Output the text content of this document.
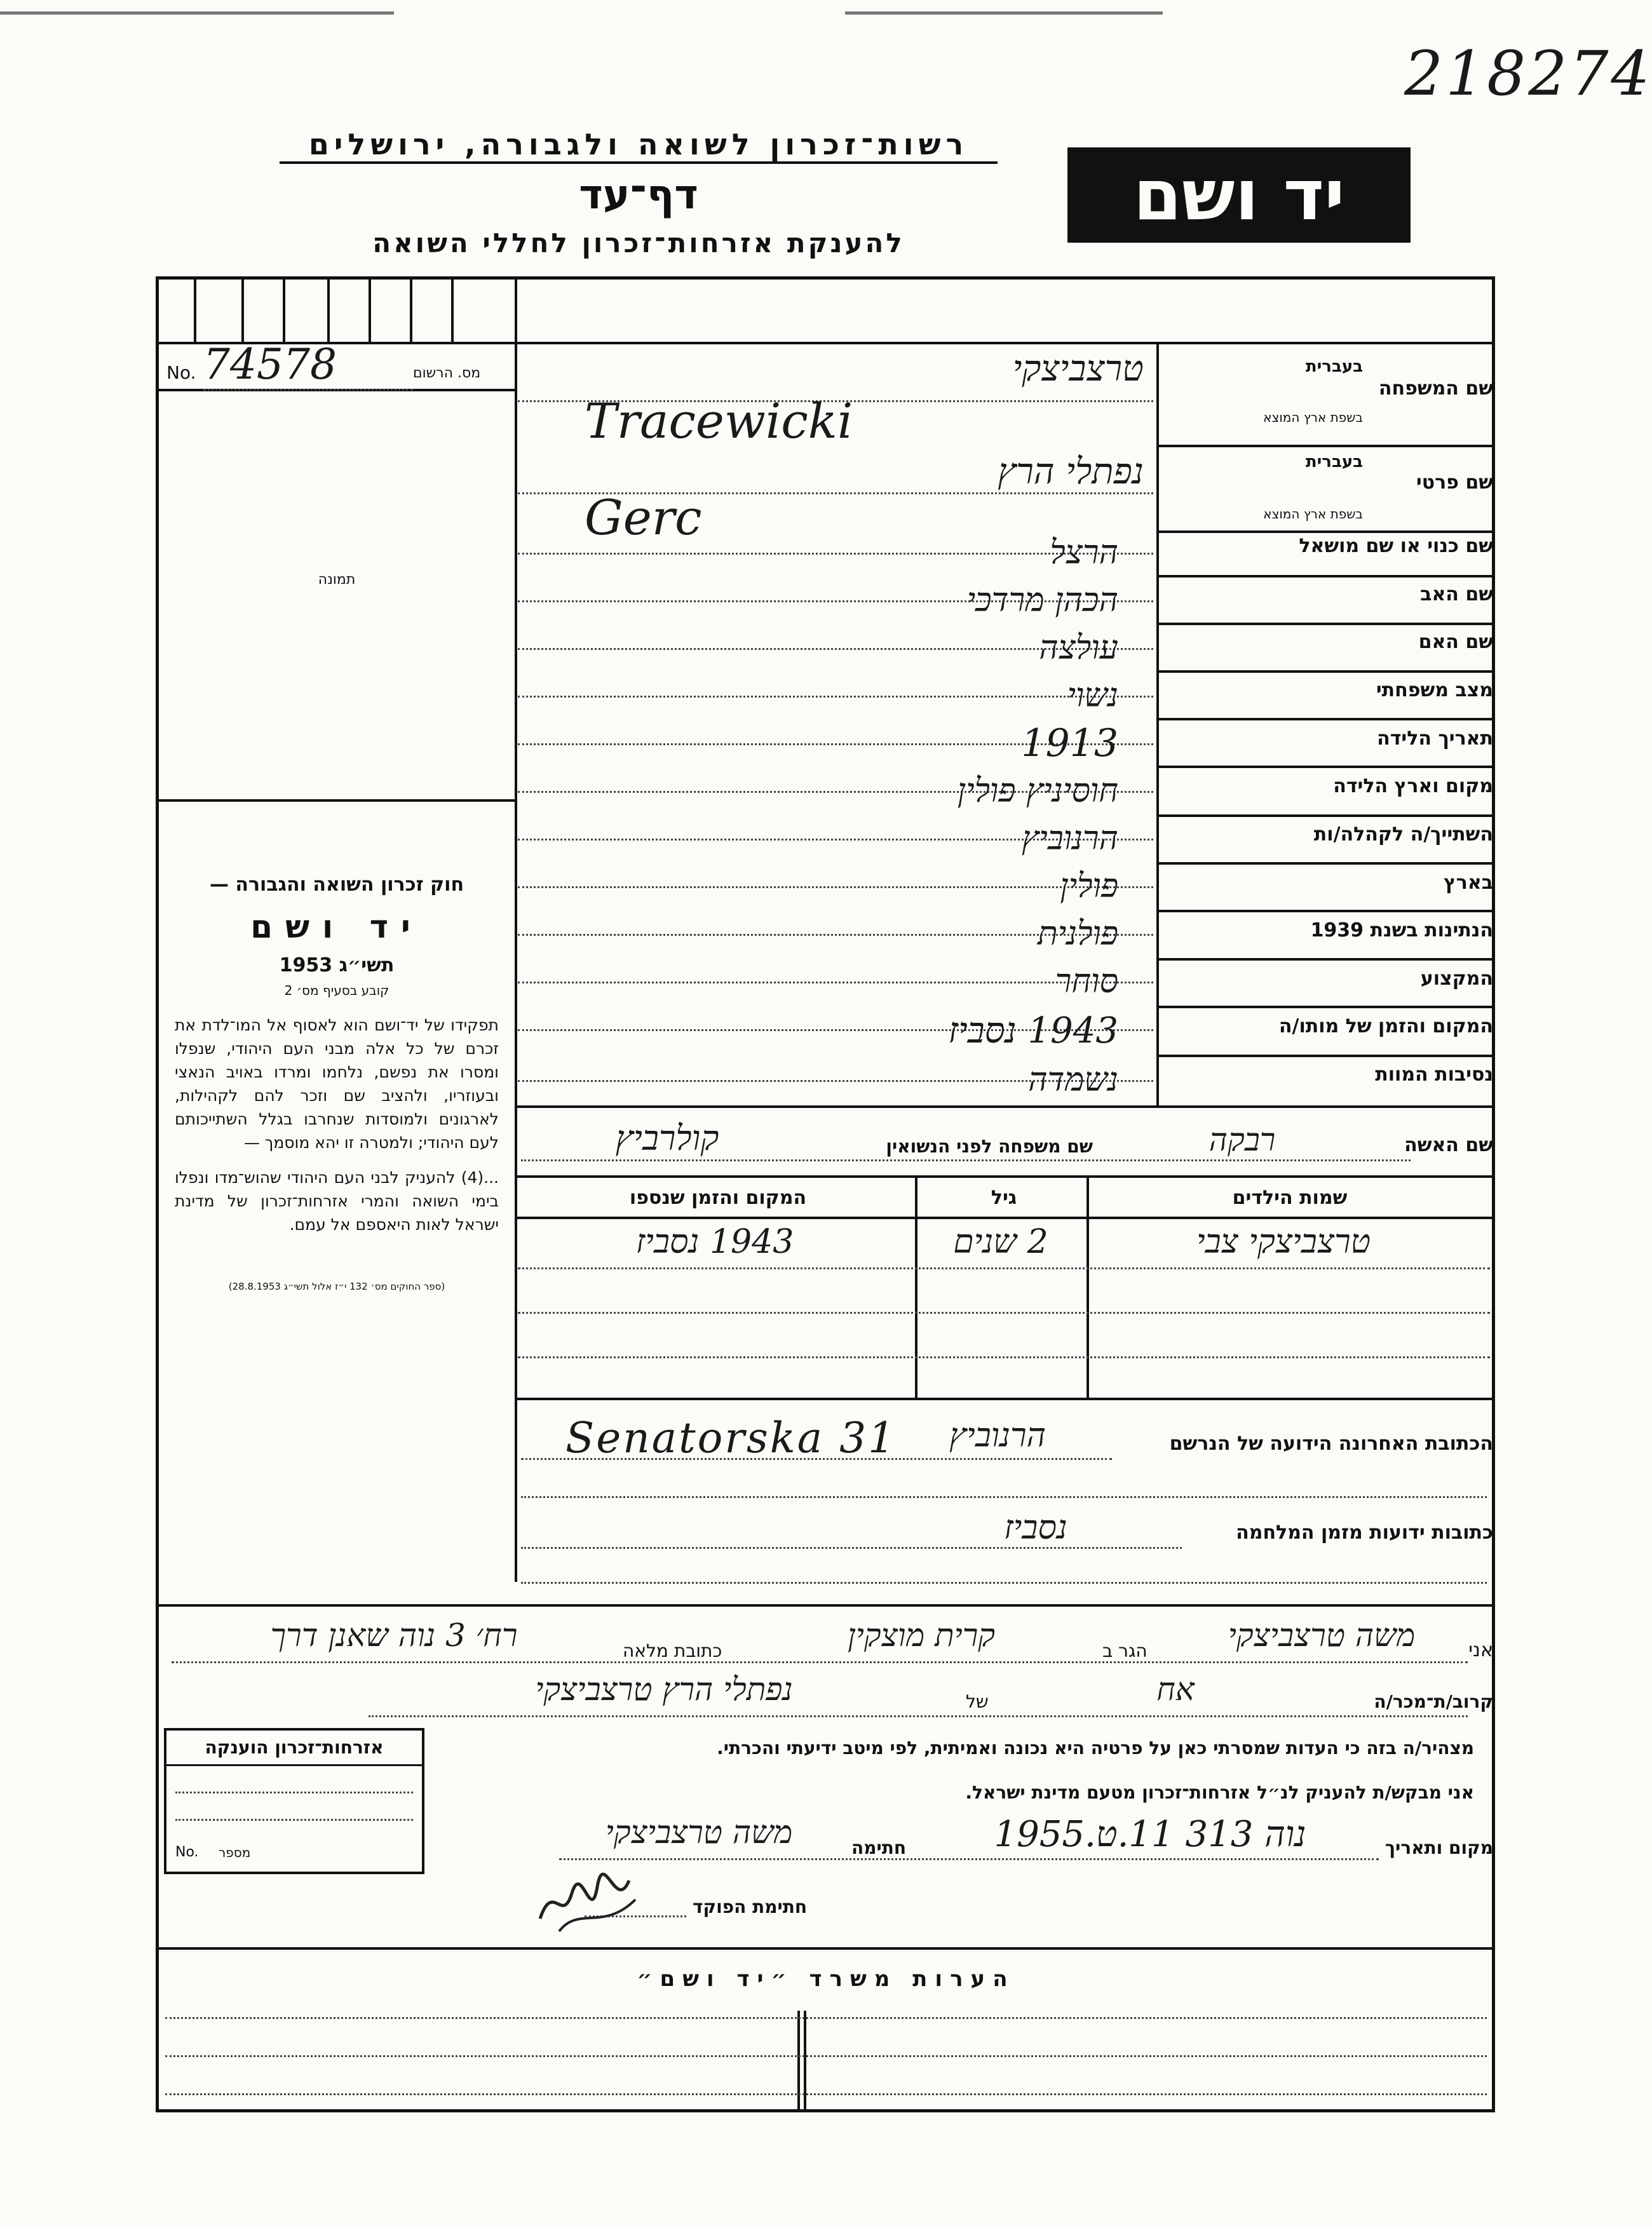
218274
רשות־זכרון לשואה ולגבורה, ירושלים
דף־עד
להענקת אזרחות־זכרון לחללי השואה
יד ושם
מס. הרשום
No. 74578
תמונה

חוק זכרון השואה והגבורה —

יד ושם

תשי״ג 1953

קובע בסעיף מס׳ 2

תפקידו של יד־ושם הוא לאסוף אל המו־לדת את זכרם של כל אלה מבני העם היהודי, שנפלו ומסרו את נפשם, נלחמו ומרדו באויב הנאצי ובעוזריו, ולהציב שם וזכר להם לקהילות, לארגונים ולמוסדות שנחרבו בגלל השתייכותם לעם היהודי; ולמטרה זו יהא מוסמך —

...(4) להעניק לבני העם היהודי שהוש־מדו ונפלו בימי השואה והמרי אזרחות־זכרון של מדינת ישראל לאות היאספם אל עמם.

(ספר החוקים מס׳ 132 י״ז אלול תשי״ג 28.8.1953)

בעברית
שם המשפחה
בשפת ארץ המוצא
בעברית
שם פרטי
בשפת ארץ המוצא
שם כנוי או שם מושאל
שם האב
שם האם
מצב משפחתי
תאריך הלידה
מקום וארץ הלידה
השתייך/ה לקהלה/ות
בארץ
הנתינות בשנת 1939
המקצוע
המקום והזמן של מותו/ה
נסיבות המוות
טרצביצקי
Tracewicki
נפתלי הרץ
Gerc
הרצל
הכהן מרדכי
עולצה
נשוי
1913
חוסיניץ פולין
הרנוביץ
פולין
פולנית
סוחר
1943 נסביז
נשמדה
שם האשה
רבקה
שם משפחה לפני הנשואין
קולרביץ
שמות הילדים
גיל
המקום והזמן שנספו
טרצביצקי צבי
2 שנים
1943 נסביז
הכתובת האחרונה הידועה של הנרשם
Senatorska 31	הרנוביץ
כתובות ידועות מזמן המלחמה
נסביז
אני
משה טרצביצקי
הגר ב
קרית מוצקין
כתובת מלאה
רח׳ 3 נוה שאנן דרך
קרוב/ת־מכר/ה
אח
של
נפתלי הרץ טרצביצקי
מצהיר/ה בזה כי העדות שמסרתי כאן על פרטיה היא נכונה ואמיתית, לפי מיטב ידיעתי והכרתי.
אני מבקש/ת להעניק לנ״ל אזרחות־זכרון מטעם מדינת ישראל.
מקום ותאריך
נוה 313 11.ט.1955
חתימה
משה טרצביצקי
חתימת הפוקד
אזרחות־זכרון הוענקה
No. מספר
הערות משרד ״יד ושם״
